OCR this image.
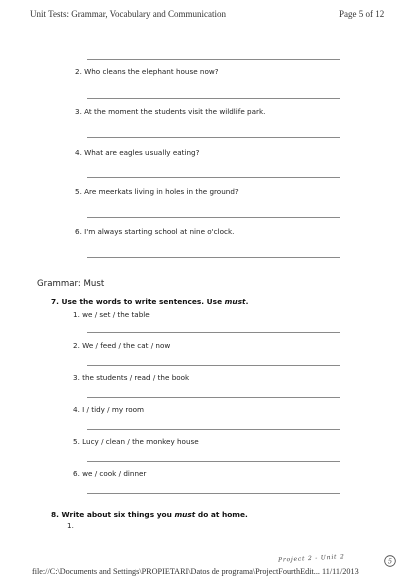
Unit Tests: Grammar, Vocabulary and Communication	Page 5 of 12
2. Who cleans the elephant house now?
3. At the moment the students visit the wildlife park.
4. What are eagles usually eating?
5. Are meerkats living in holes in the ground?
6. I'm always starting school at nine o'clock.
Grammar: Must
7. Use the words to write sentences. Use must.
1. we / set / the table
2. We / feed / the cat / now
3. the students / read / the book
4. I / tidy / my room
5. Lucy / clean / the monkey house
6. we / cook / dinner
8. Write about six things you must do at home.
1.
Project 2 - Unit 2
file://C:\Documents and Settings\PROPIETARI\Datos de programa\ProjectFourthEdit... 11/11/2013
5
